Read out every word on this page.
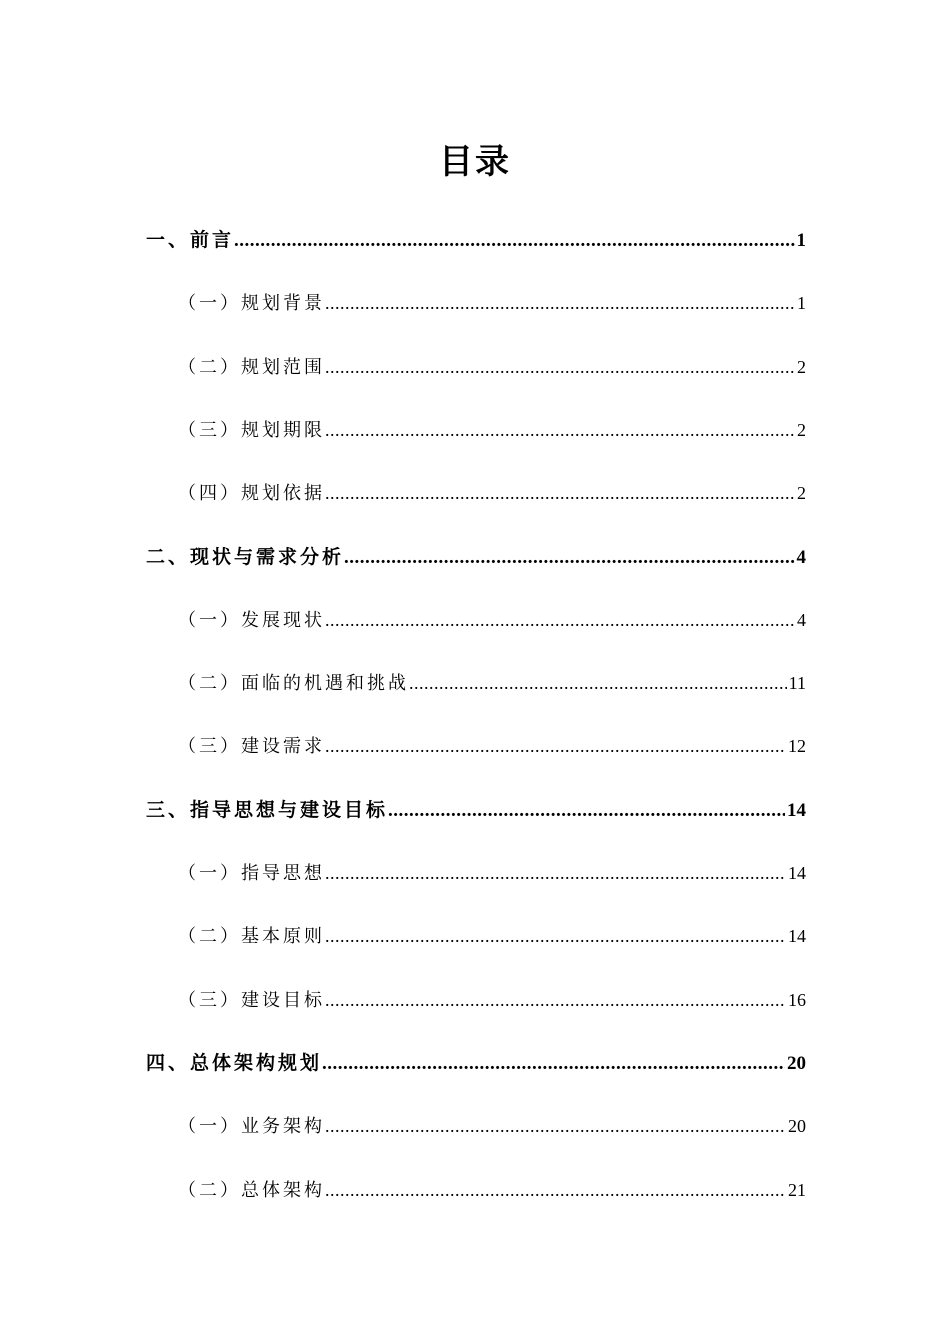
目录
一、前言 .....	1
（一）规划背景 .....	1
（二）规划范围 .....	2
（三）规划期限 .....	2
（四）规划依据 .....	2
二、现状与需求分析 .....	4
（一）发展现状 .....	4
（二）面临的机遇和挑战 .....	11
（三）建设需求 .....	12
三、指导思想与建设目标 .....	14
（一）指导思想 .....	14
（二）基本原则 .....	14
（三）建设目标 .....	16
四、总体架构规划 .....	20
（一）业务架构 .....	20
（二）总体架构 .....	21
